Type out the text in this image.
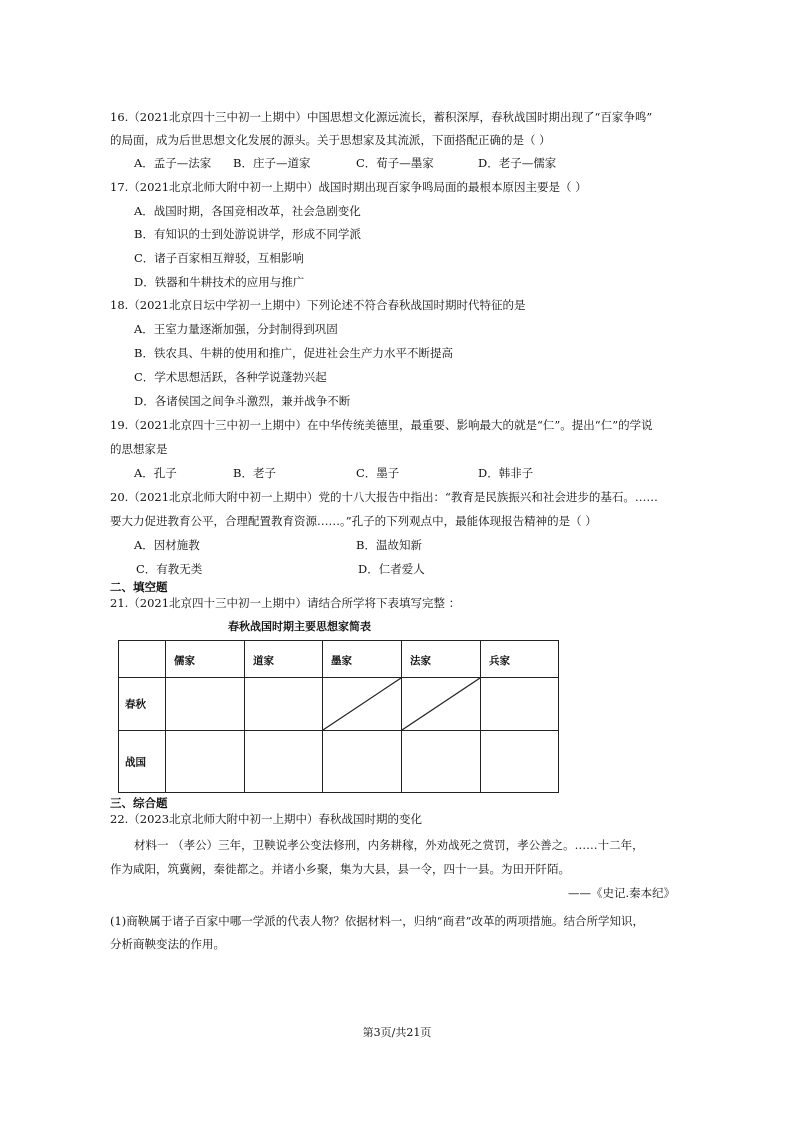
16.（2021北京四十三中初一上期中）中国思想文化源远流长，蓄积深厚，春秋战国时期出现了“百家争鸣”
的局面，成为后世思想文化发展的源头。关于思想家及其流派，下面搭配正确的是（ ）
A．孟子—法家 B．庄子—道家	C．荀子—墨家	D．老子—儒家
17.（2021北京北师大附中初一上期中）战国时期出现百家争鸣局面的最根本原因主要是（ ）
A．战国时期，各国竞相改革，社会急剧变化
B．有知识的士到处游说讲学，形成不同学派
C．诸子百家相互辩驳，互相影响
D．铁器和牛耕技术的应用与推广
18.（2021北京日坛中学初一上期中）下列论述不符合春秋战国时期时代特征的是
A．王室力量逐渐加强，分封制得到巩固
B．铁农具、牛耕的使用和推广，促进社会生产力水平不断提高
C．学术思想活跃，各种学说蓬勃兴起
D．各诸侯国之间争斗激烈，兼并战争不断
19.（2021北京四十三中初一上期中）在中华传统美德里，最重要、影响最大的就是“仁”。提出“仁”的学说
的思想家是
A．孔子	B．老子	C．墨子	D．韩非子
20.（2021北京北师大附中初一上期中）党的十八大报告中指出：“教育是民族振兴和社会进步的基石。……
要大力促进教育公平，合理配置教育资源……。”孔子的下列观点中，最能体现报告精神的是（ ）
A．因材施教	B．温故知新
C．有教无类	D．仁者爱人
二、填空题
21.（2021北京四十三中初一上期中）请结合所学将下表填写完整 ：
春秋战国时期主要思想家简表

	儒家	道家	墨家	法家	兵家

春秋

战国					

三、综合题
22.（2023北京北师大附中初一上期中）春秋战国时期的变化
材料一 （孝公）三年，卫鞅说孝公变法修刑，内务耕稼，外劝战死之赏罚，孝公善之。……十二年，
作为咸阳，筑冀阙，秦徙都之。并诸小乡聚，集为大县，县一令，四十一县。为田开阡陌。
——《史记.秦本纪》
(1)商鞅属于诸子百家中哪一学派的代表人物？依据材料一，归纳“商君”改革的两项措施。结合所学知识，
分析商鞅变法的作用。
第3页/共21页
